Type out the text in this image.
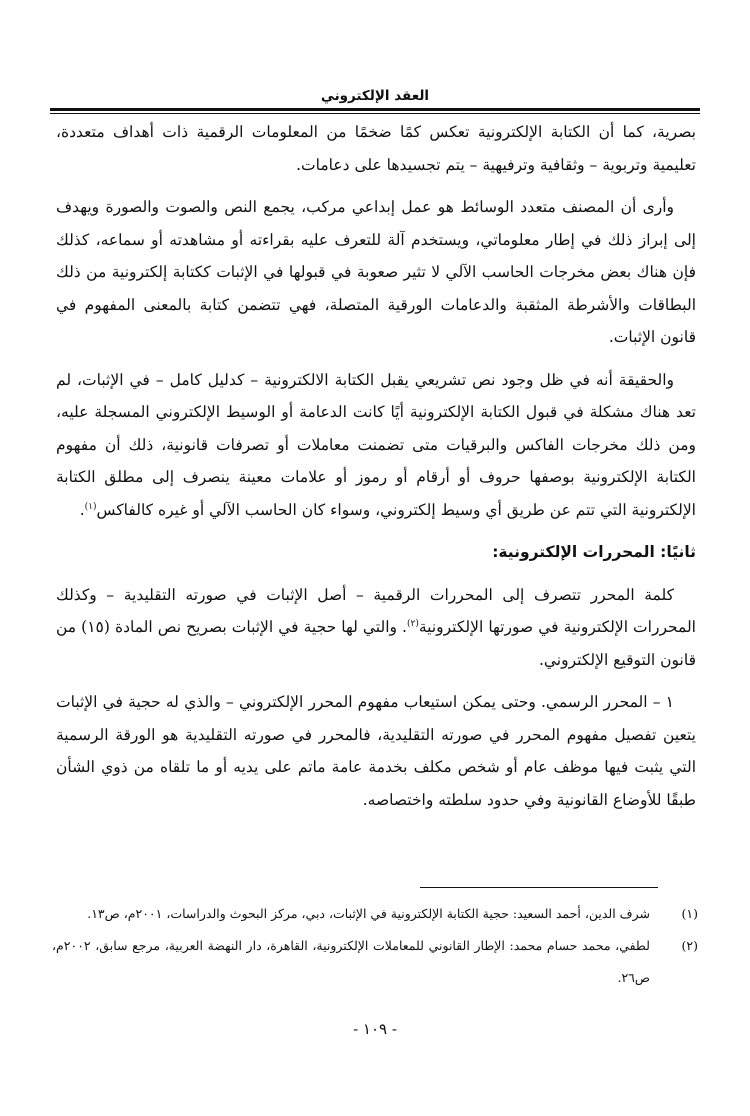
العقد الإلكتروني

بصرية، كما أن الكتابة الإلكترونية تعكس كمًا ضخمًا من المعلومات الرقمية ذات أهداف متعددة، تعليمية وتربوية – وثقافية وترفيهية – يتم تجسيدها على دعامات.

وأرى أن المصنف متعدد الوسائط هو عمل إبداعي مركب، يجمع النص والصوت والصورة ويهدف إلى إبراز ذلك في إطار معلوماتي، ويستخدم آلة للتعرف عليه بقراءته أو مشاهدته أو سماعه، كذلك فإن هناك بعض مخرجات الحاسب الآلي لا تثير صعوبة في قبولها في الإثبات ككتابة إلكترونية من ذلك البطاقات والأشرطة المثقبة والدعامات الورقية المتصلة، فهي تتضمن كتابة بالمعنى المفهوم في قانون الإثبات.

والحقيقة أنه في ظل وجود نص تشريعي يقبل الكتابة الالكترونية – كدليل كامل – في الإثبات، لم تعد هناك مشكلة في قبول الكتابة الإلكترونية أيًا كانت الدعامة أو الوسيط الإلكتروني المسجلة عليه، ومن ذلك مخرجات الفاكس والبرقيات متى تضمنت معاملات أو تصرفات قانونية، ذلك أن مفهوم الكتابة الإلكترونية بوصفها حروف أو أرقام أو رموز أو علامات معينة ينصرف إلى مطلق الكتابة الإلكترونية التي تتم عن طريق أي وسيط إلكتروني، وسواء كان الحاسب الآلي أو غيره كالفاكس$^{(١)}$.

ثانيًا: المحررات الإلكترونية:

كلمة المحرر تتصرف إلى المحررات الرقمية – أصل الإثبات في صورته التقليدية – وكذلك المحررات الإلكترونية في صورتها الإلكترونية$^{(٢)}$. والتي لها حجية في الإثبات بصريح نص المادة (١٥) من قانون التوقيع الإلكتروني.

١ – المحرر الرسمي. وحتى يمكن استيعاب مفهوم المحرر الإلكتروني – والذي له حجية في الإثبات يتعين تفصيل مفهوم المحرر في صورته التقليدية، فالمحرر في صورته التقليدية هو الورقة الرسمية التي يثبت فيها موظف عام أو شخص مكلف بخدمة عامة ماتم على يديه أو ما تلقاه من ذوي الشأن طبقًا للأوضاع القانونية وفي حدود سلطته واختصاصه.

(١)
شرف الدين، أحمد السعيد: حجية الكتابة الإلكترونية في الإثبات، دبي، مركز البحوث والدراسات، ٢٠٠١م، ص١٣.
(٢)
لطفي، محمد حسام محمد: الإطار القانوني للمعاملات الإلكترونية، القاهرة، دار النهضة العربية، مرجع سابق، ٢٠٠٢م، ص٢٦.
- ١٠٩ -
